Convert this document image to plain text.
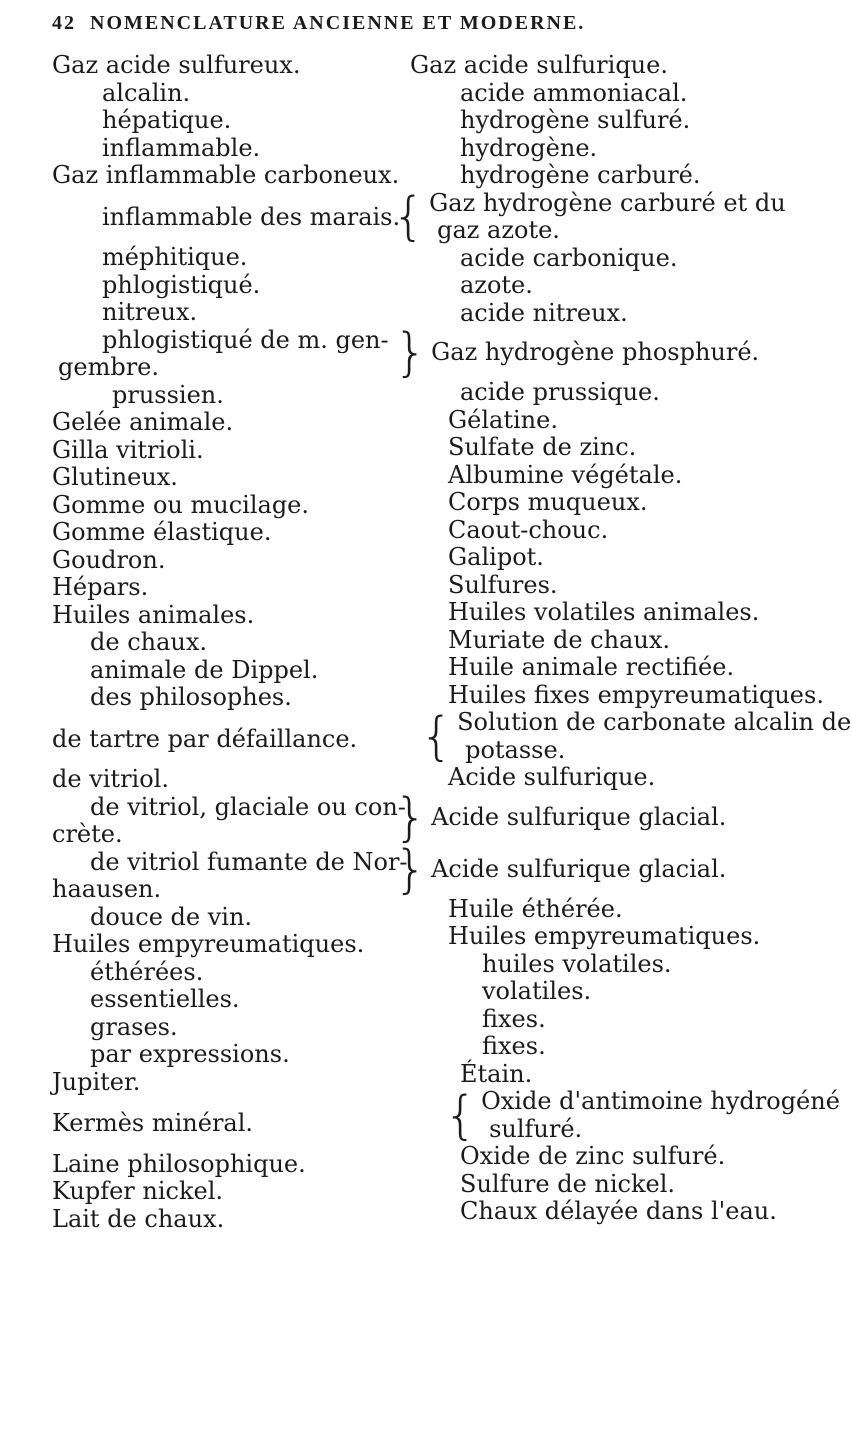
42 NOMENCLATURE ANCIENNE ET MODERNE.
Gaz acide sulfureux.
alcalin.
hépatique.
inflammable.
Gaz inflammable carboneux.
inflammable des marais.
méphitique.
phlogistiqué.
nitreux.
phlogistiqué de m. gen-
gembre.
prussien.
Gelée animale.
Gilla vitrioli.
Glutineux.
Gomme ou mucilage.
Gomme élastique.
Goudron.
Hépars.
Huiles animales.
de chaux.
animale de Dippel.
des philosophes.
de tartre par défaillance.
de vitriol.
de vitriol, glaciale ou con-
crète.
de vitriol fumante de Nor-
haausen.
douce de vin.
Huiles empyreumatiques.
éthérées.
essentielles.
grases.
par expressions.
Jupiter.
Kermès minéral.
Laine philosophique.
Kupfer nickel.
Lait de chaux.
Gaz acide sulfurique.
acide ammoniacal.
hydrogène sulfuré.
hydrogène.
hydrogène carburé.
{ Gaz hydrogène carburé et du
gaz azote.
acide carbonique.
azote.
acide nitreux.
} Gaz hydrogène phosphuré.
acide prussique.
Gélatine.
Sulfate de zinc.
Albumine végétale.
Corps muqueux.
Caout-chouc.
Galipot.
Sulfures.
Huiles volatiles animales.
Muriate de chaux.
Huile animale rectifiée.
Huiles fixes empyreumatiques.
{ Solution de carbonate alcalin de
potasse.
Acide sulfurique.
} Acide sulfurique glacial.
} Acide sulfurique glacial.
Huile éthérée.
Huiles empyreumatiques.
huiles volatiles.
volatiles.
fixes.
fixes.
Étain.
{ Oxide d'antimoine hydrogéné
sulfuré.
Oxide de zinc sulfuré.
Sulfure de nickel.
Chaux délayée dans l'eau.
